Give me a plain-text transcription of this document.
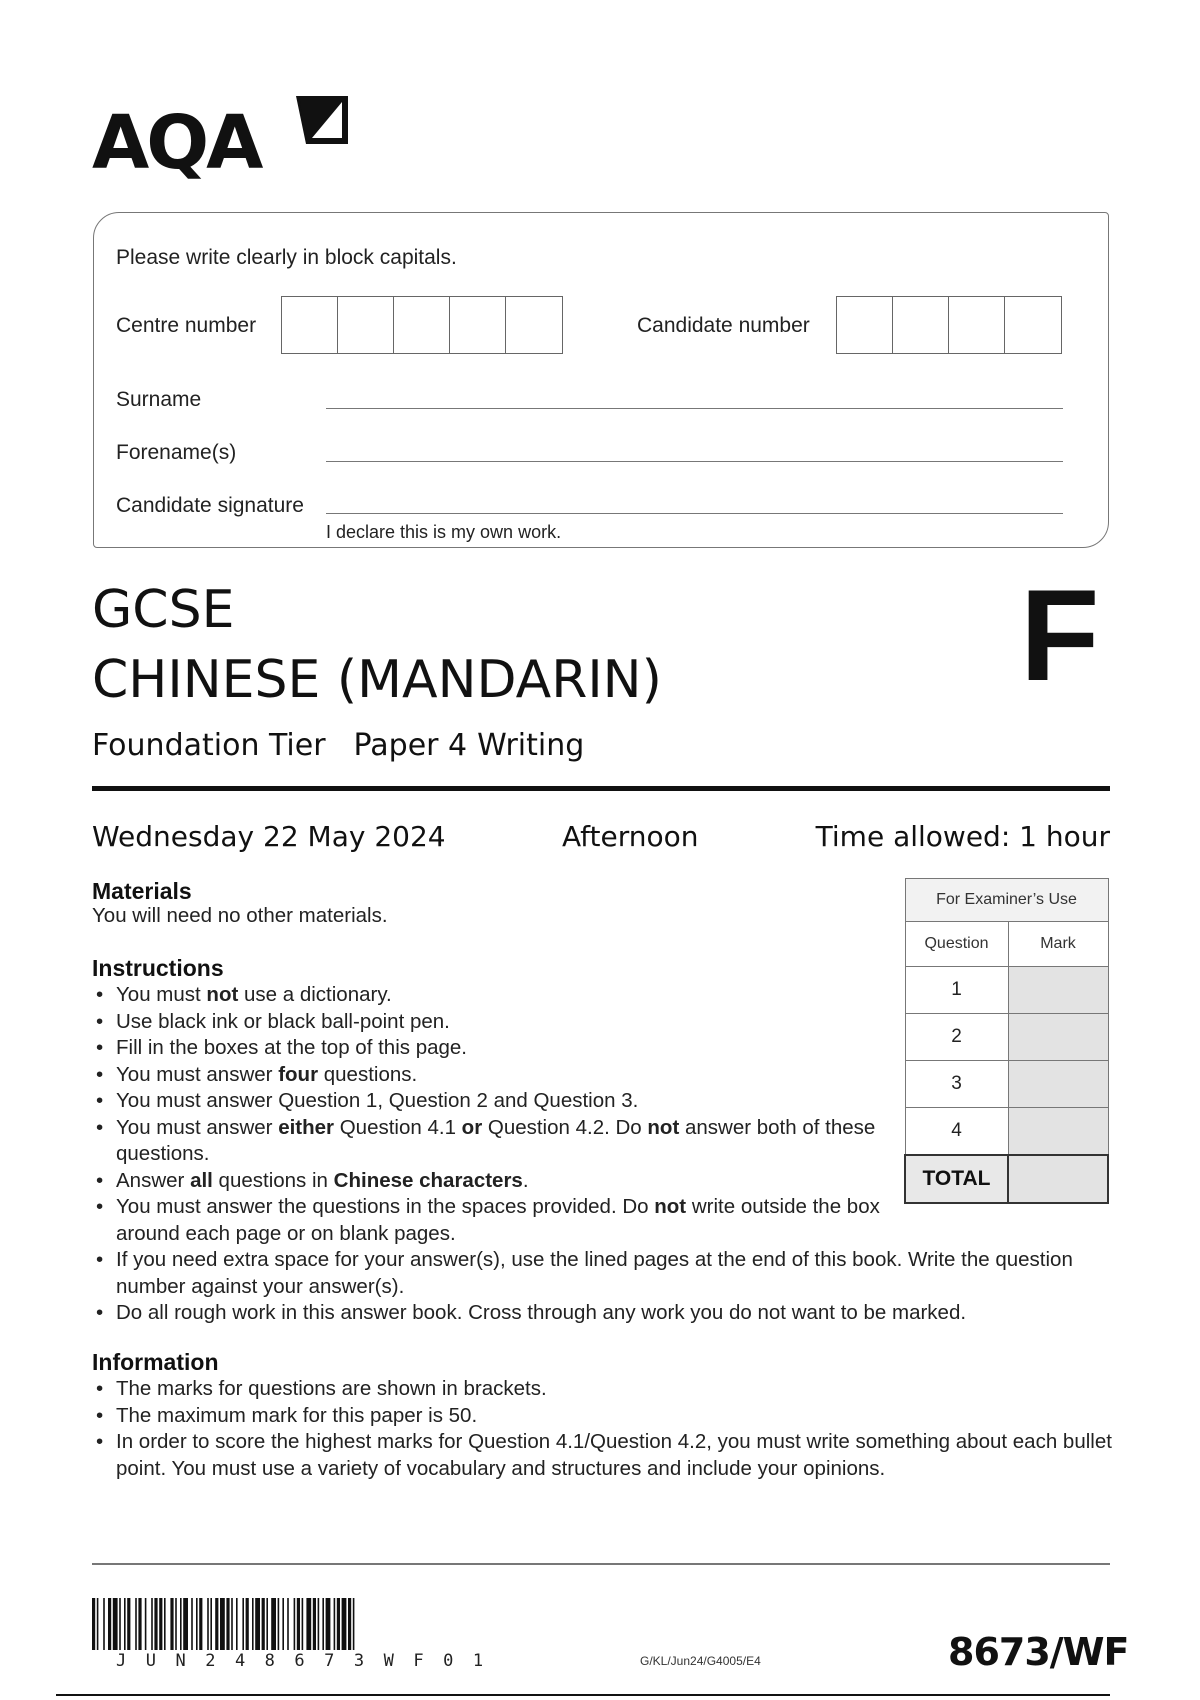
AQA
Please write clearly in block capitals.
Centre number	Candidate number
Surname
Forename(s)
Candidate signature
I declare this is my own work.
GCSE
CHINESE (MANDARIN)
Foundation Tier Paper 4 Writing
F
Wednesday 22 May 2024	Afternoon	Time allowed: 1 hour
Materials
You will need no other materials.
Instructions
• You must not use a dictionary.
• Use black ink or black ball-point pen.
• Fill in the boxes at the top of this page.
• You must answer four questions.
• You must answer Question 1, Question 2 and Question 3.
• You must answer either Question 4.1 or Question 4.2. Do not answer both of these questions.
• Answer all questions in Chinese characters.
• You must answer the questions in the spaces provided. Do not write outside the box around each page or on blank pages.
• If you need extra space for your answer(s), use the lined pages at the end of this book. Write the question number against your answer(s).
• Do all rough work in this answer book. Cross through any work you do not want to be marked.
Information
• The marks for questions are shown in brackets.
• The maximum mark for this paper is 50.
• In order to score the highest marks for Question 4.1/Question 4.2, you must write something about each bullet point. You must use a variety of vocabulary and structures and include your opinions.
For Examiner’s Use	
Question	Mark
1	
2	
3	
4	
TOTAL	
JUN248673WF01	G/KL/Jun24/G4005/E4	8673/WF
